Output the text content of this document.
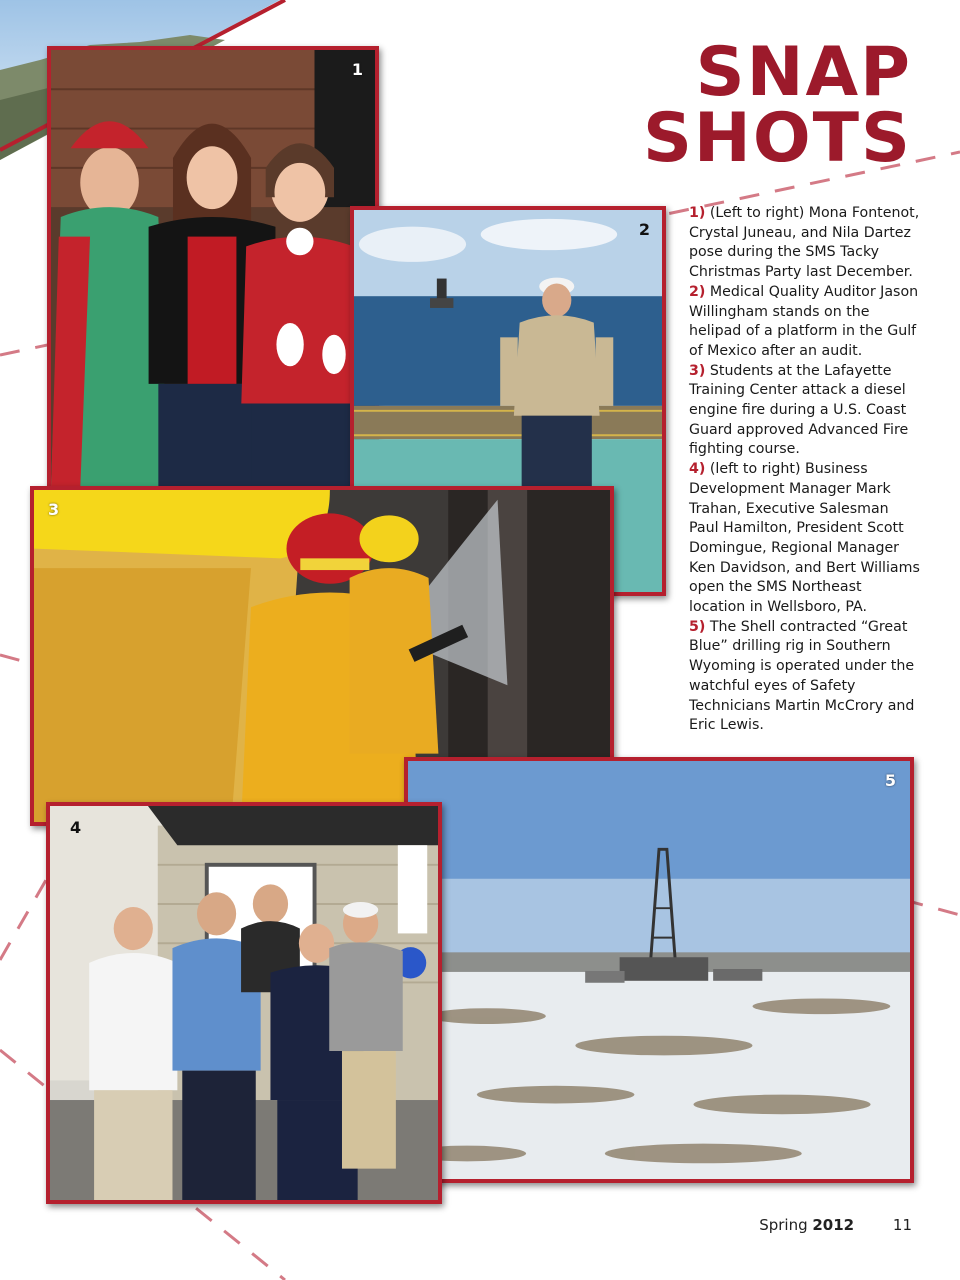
SNAP
SHOTS
1
2
3
5
4
1) (Left to right) Mona Fontenot, Crystal Juneau, and Nila Dartez pose during the SMS Tacky Christmas Party last December.
2) Medical Quality Auditor Jason Willingham stands on the helipad of a platform in the Gulf of Mexico after an audit.
3) Students at the Lafayette Training Center attack a diesel engine fire during a U.S. Coast Guard approved Advanced Fire fighting course.
4) (left to right) Business Development Manager Mark Trahan, Executive Salesman Paul Hamilton, President Scott Domingue, Regional Manager Ken Davidson, and Bert Williams open the SMS Northeast location in Wellsboro, PA.
5) The Shell contracted “Great Blue” drilling rig in Southern Wyoming is operated under the watchful eyes of Safety Technicians Martin McCrory and Eric Lewis.
Spring 2012	11
